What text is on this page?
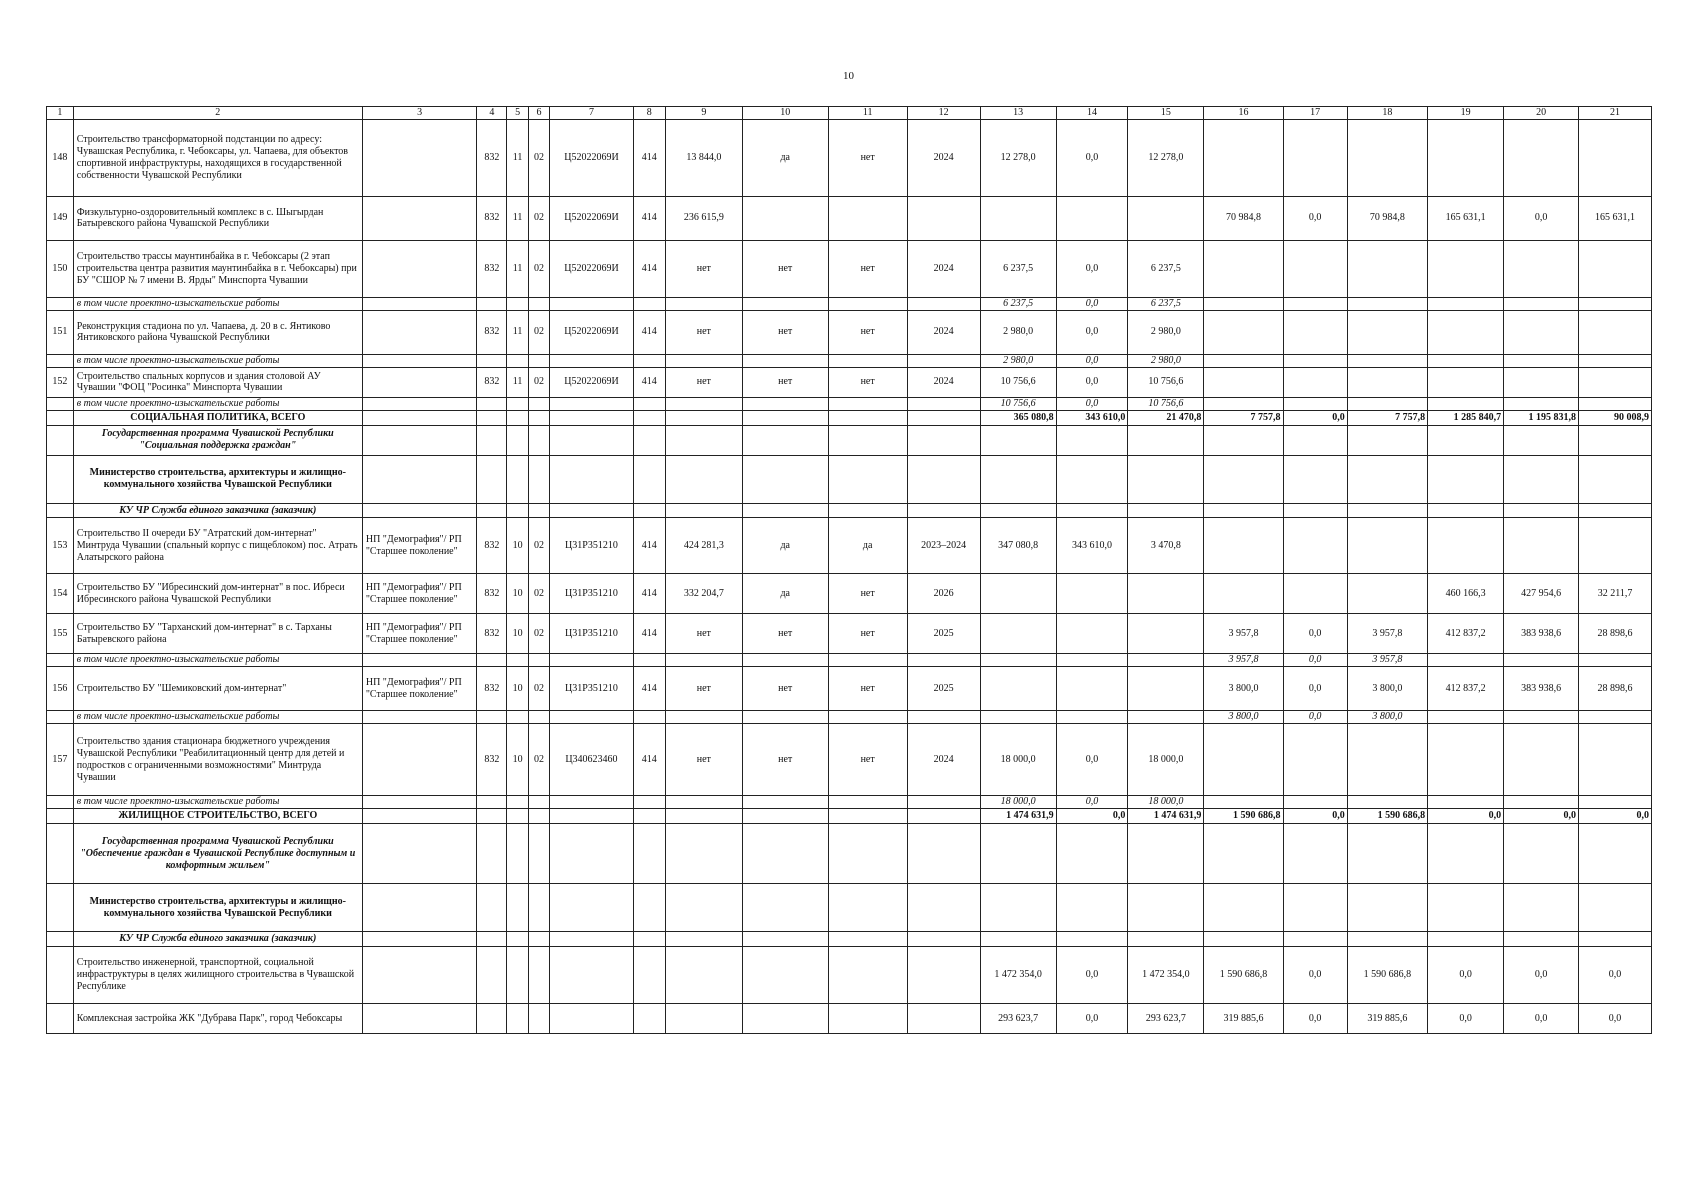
10
1	2	3	4	5	6	7	8	9	10	11	12	13	14	15	16	17	18	19	20	21
148	Строительство трансформаторной подстанции по адресу: Чувашская Республика, г. Чебоксары, ул. Чапаева, для объектов спортивной инфраструктуры, находящихся в государственной собственности Чувашской Республики		832	11	02	Ц52022069И	414	13 844,0	да	нет	2024	12 278,0	0,0	12 278,0						
149	Физкультурно-оздоровительный комплекс в с. Шыгырдан Батыревского района Чувашской Республики		832	11	02	Ц52022069И	414	236 615,9							70 984,8	0,0	70 984,8	165 631,1	0,0	165 631,1
150	Строительство трассы маунтинбайка в г. Чебоксары (2 этап строительства центра развития маунтинбайка в г. Чебоксары) при БУ "СШОР № 7 имени В. Ярды" Минспорта Чувашии		832	11	02	Ц52022069И	414	нет	нет	нет	2024	6 237,5	0,0	6 237,5						
	в том числе проектно-изыскательские работы											6 237,5	0,0	6 237,5						
151	Реконструкция стадиона по ул. Чапаева, д. 20 в с. Янтиково Янтиковского района Чувашской Республики		832	11	02	Ц52022069И	414	нет	нет	нет	2024	2 980,0	0,0	2 980,0						
	в том числе проектно-изыскательские работы											2 980,0	0,0	2 980,0						
152	Строительство спальных корпусов и здания столовой АУ Чувашии "ФОЦ "Росинка" Минспорта Чувашии		832	11	02	Ц52022069И	414	нет	нет	нет	2024	10 756,6	0,0	10 756,6						
	в том числе проектно-изыскательские работы											10 756,6	0,0	10 756,6						
	СОЦИАЛЬНАЯ ПОЛИТИКА, ВСЕГО											365 080,8	343 610,0	21 470,8	7 757,8	0,0	7 757,8	1 285 840,7	1 195 831,8	90 008,9
	Государственная программа Чувашской Республики "Социальная поддержка граждан"																			
	Министерство строительства, архитектуры и жилищно-коммунального хозяйства Чувашской Республики																			
	КУ ЧР Служба единого заказчика (заказчик)																			
153	Строительство II очереди БУ "Атратский дом-интернат" Минтруда Чувашии (спальный корпус с пищеблоком) пос. Атрать Алатырского района	НП "Демография"/ РП "Старшее поколение"	832	10	02	Ц31Р351210	414	424 281,3	да	да	2023–2024	347 080,8	343 610,0	3 470,8						
154	Строительство БУ "Ибресинский дом-интернат" в пос. Ибреси Ибресинского района Чувашской Республики	НП "Демография"/ РП "Старшее поколение"	832	10	02	Ц31Р351210	414	332 204,7	да	нет	2026							460 166,3	427 954,6	32 211,7
155	Строительство БУ "Тарханский дом-интернат" в с. Тарханы Батыревского района	НП "Демография"/ РП "Старшее поколение"	832	10	02	Ц31Р351210	414	нет	нет	нет	2025				3 957,8	0,0	3 957,8	412 837,2	383 938,6	28 898,6
	в том числе проектно-изыскательские работы														3 957,8	0,0	3 957,8			
156	Строительство БУ "Шемиковский дом-интернат"	НП "Демография"/ РП "Старшее поколение"	832	10	02	Ц31Р351210	414	нет	нет	нет	2025				3 800,0	0,0	3 800,0	412 837,2	383 938,6	28 898,6
	в том числе проектно-изыскательские работы														3 800,0	0,0	3 800,0			
157	Строительство здания стационара бюджетного учреждения Чувашской Республики "Реабилитационный центр для детей и подростков с ограниченными возможностями" Минтруда Чувашии		832	10	02	Ц340623460	414	нет	нет	нет	2024	18 000,0	0,0	18 000,0						
	в том числе проектно-изыскательские работы											18 000,0	0,0	18 000,0						
	ЖИЛИЩНОЕ СТРОИТЕЛЬСТВО, ВСЕГО											1 474 631,9	0,0	1 474 631,9	1 590 686,8	0,0	1 590 686,8	0,0	0,0	0,0
	Государственная программа Чувашской Республики "Обеспечение граждан в Чувашской Республике доступным и комфортным жильем"																			
	Министерство строительства, архитектуры и жилищно-коммунального хозяйства Чувашской Республики																			
	КУ ЧР Служба единого заказчика (заказчик)																			
	Строительство инженерной, транспортной, социальной инфраструктуры в целях жилищного строительства в Чувашской Республике											1 472 354,0	0,0	1 472 354,0	1 590 686,8	0,0	1 590 686,8	0,0	0,0	0,0
	Комплексная застройка ЖК "Дубрава Парк", город Чебоксары											293 623,7	0,0	293 623,7	319 885,6	0,0	319 885,6	0,0	0,0	0,0
